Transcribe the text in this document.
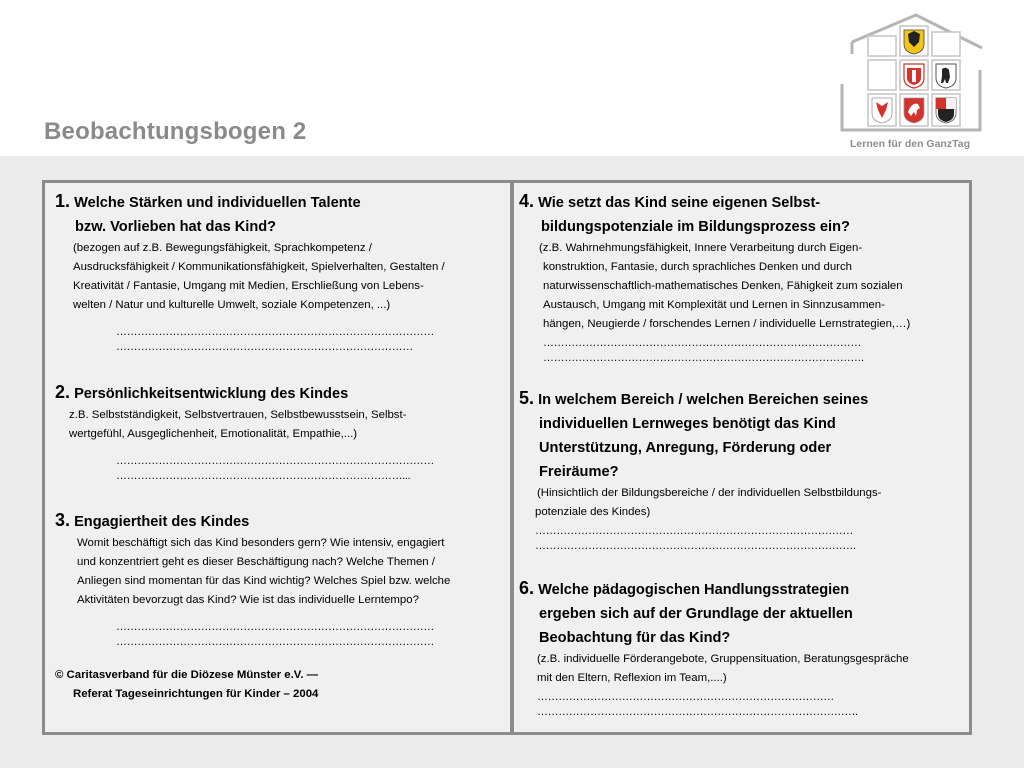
Beobachtungsbogen 2	Lernen für den GanzTag

1. Welche Stärken und individuellen Talente

bzw. Vorlieben hat das Kind?

(bezogen auf z.B. Bewegungsfähigkeit, Sprachkompetenz /

Ausdrucksfähigkeit / Kommunikationsfähigkeit, Spielverhalten, Gestalten /

Kreativität / Fantasie, Umgang mit Medien, Erschließung von Lebens-

welten / Natur und kulturelle Umwelt, soziale Kompetenzen, ...)

………………………………………………………………………………

…………………………………………………………………………

2. Persönlichkeitsentwicklung des Kindes

z.B. Selbstständigkeit, Selbstvertrauen, Selbstbewusstsein, Selbst-

wertgefühl, Ausgeglichenheit, Emotionalität, Empathie,...)

………………………………………………………………………………

………………………………………………………………………...

3. Engagiertheit des Kindes

Womit beschäftigt sich das Kind besonders gern? Wie intensiv, engagiert

und konzentriert geht es dieser Beschäftigung nach? Welche Themen /

Anliegen sind momentan für das Kind wichtig? Welches Spiel bzw. welche

Aktivitäten bevorzugt das Kind? Wie ist das individuelle Lerntempo?

………………………………………………………………………………

………………………………………………………………………………

© Caritasverband für die Diözese Münster e.V. —

Referat Tageseinrichtungen für Kinder – 2004

4. Wie setzt das Kind seine eigenen Selbst-

bildungspotenziale im Bildungsprozess ein?

(z.B. Wahrnehmungsfähigkeit, Innere Verarbeitung durch Eigen-

konstruktion, Fantasie, durch sprachliches Denken und durch

naturwissenschaftlich-mathematisches Denken, Fähigkeit zum sozialen

Austausch, Umgang mit Komplexität und Lernen in Sinnzusammen-

hängen, Neugierde / forschendes Lernen / individuelle Lernstrategien,…)

………………………………………………………………………………

……………………………………………………………………………….

5. In welchem Bereich / welchen Bereichen seines

individuellen Lernweges benötigt das Kind

Unterstützung, Anregung, Förderung oder

Freiräume?

(Hinsichtlich der Bildungsbereiche / der individuellen Selbstbildungs-

potenziale des Kindes)

………………………………………………………………………………

……………………………………………………………………………….

6. Welche pädagogischen Handlungsstrategien

ergeben sich auf der Grundlage der aktuellen

Beobachtung für das Kind?

(z.B. individuelle Förderangebote, Gruppensituation, Beratungsgespräche

mit den Eltern, Reflexion im Team,....)

…………………………………………………………………………

……………………………………………………………………………….
